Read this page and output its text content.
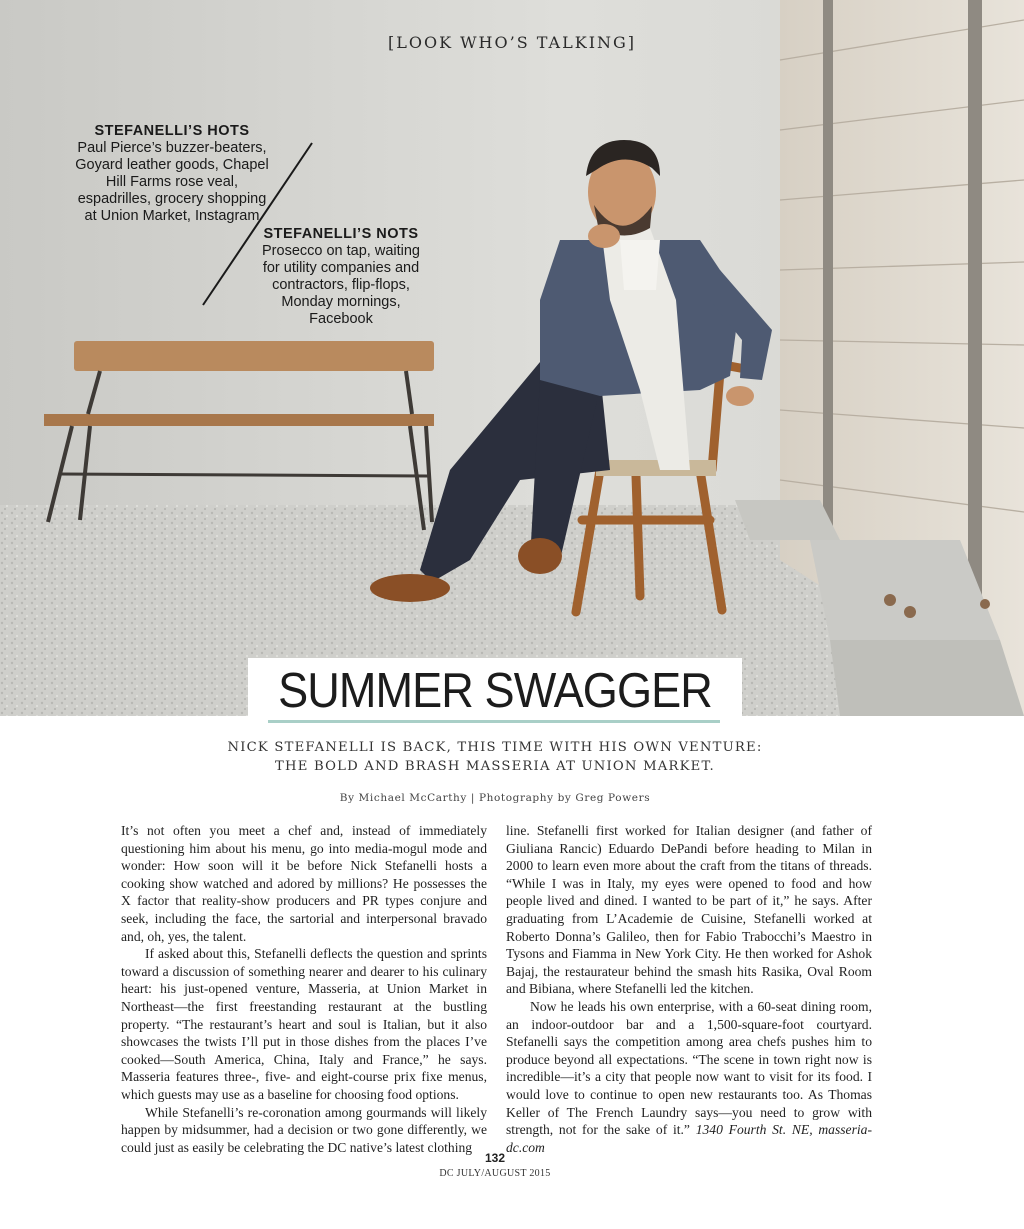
[LOOK WHO’S TALKING]
STEFANELLI’S HOTS
Paul Pierce’s buzzer-beaters, Goyard leather goods, Chapel Hill Farms rose veal, espadrilles, grocery shopping at Union Market, Instagram
STEFANELLI’S NOTS
Prosecco on tap, waiting for utility companies and contractors, flip-flops, Monday mornings, Facebook
SUMMER SWAGGER
NICK STEFANELLI IS BACK, THIS TIME WITH HIS OWN VENTURE:
THE BOLD AND BRASH MASSERIA AT UNION MARKET.
By Michael McCarthy | Photography by Greg Powers

It’s not often you meet a chef and, instead of immediately questioning him about his menu, go into media-mogul mode and wonder: How soon will it be before Nick Stefanelli hosts a cooking show watched and adored by millions? He possesses the X factor that reality-show producers and PR types conjure and seek, including the face, the sartorial and interpersonal bravado and, oh, yes, the talent.

If asked about this, Stefanelli deflects the question and sprints toward a discussion of something nearer and dearer to his culinary heart: his just-opened venture, Masseria, at Union Market in Northeast—the first freestanding restaurant at the bustling property. “The restaurant’s heart and soul is Italian, but it also showcases the twists I’ll put in those dishes from the places I’ve cooked—South America, China, Italy and France,” he says. Masseria features three-, five- and eight-course prix fixe menus, which guests may use as a baseline for choosing food options.

While Stefanelli’s re-coronation among gourmands will likely happen by midsummer, had a decision or two gone differently, we could just as easily be celebrating the DC native’s latest clothing

line. Stefanelli first worked for Italian designer (and father of Giuliana Rancic) Eduardo DePandi before heading to Milan in 2000 to learn even more about the craft from the titans of threads. “While I was in Italy, my eyes were opened to food and how people lived and dined. I wanted to be part of it,” he says. After graduating from L’Academie de Cuisine, Stefanelli worked at Roberto Donna’s Galileo, then for Fabio Trabocchi’s Maestro in Tysons and Fiamma in New York City. He then worked for Ashok Bajaj, the restaurateur behind the smash hits Rasika, Oval Room and Bibiana, where Stefanelli led the kitchen.

Now he leads his own enterprise, with a 60-seat dining room, an indoor-outdoor bar and a 1,500-square-foot courtyard. Stefanelli says the competition among area chefs pushes him to produce beyond all expectations. “The scene in town right now is incredible—it’s a city that people now want to visit for its food. I would love to continue to open new restaurants too. As Thomas Keller of The French Laundry says—you need to grow with strength, not for the sake of it.” 1340 Fourth St. NE, masseria-dc.com

132
DC JULY/AUGUST 2015
